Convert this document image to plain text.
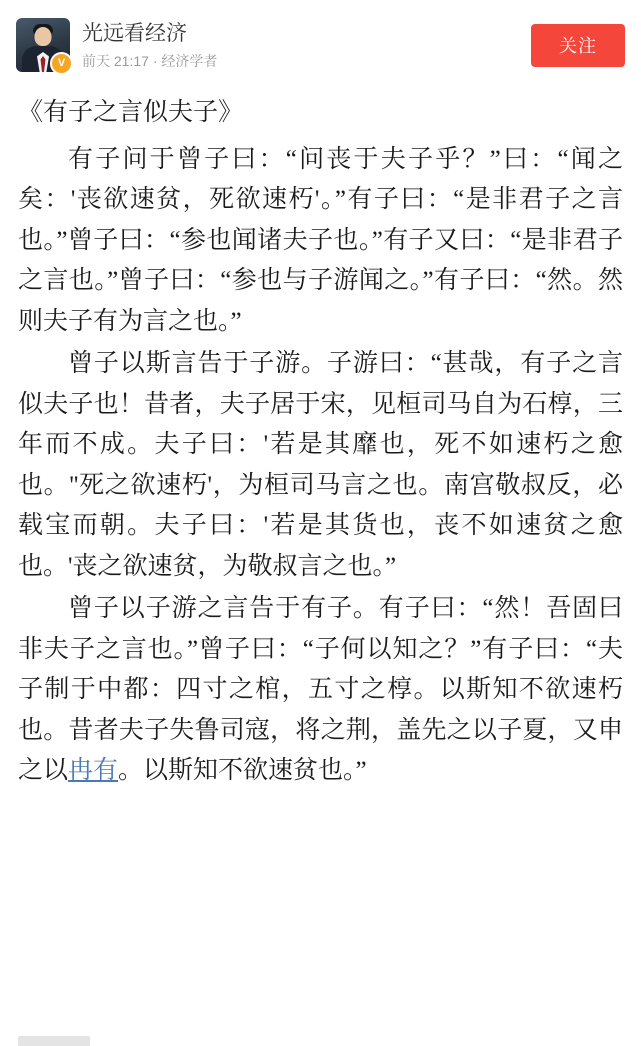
V
光远看经济
前天 21:17 · 经济学者
关注
《有子之言似夫子》

有子问于曾子曰：“问丧于夫子乎？”曰：“闻之矣：'丧欲速贫，死欲速朽'。”有子曰：“是非君子之言也。”曾子曰：“参也闻诸夫子也。”有子又曰：“是非君子之言也。”曾子曰：“参也与子游闻之。”有子曰：“然。然则夫子有为言之也。”

曾子以斯言告于子游。子游曰：“甚哉，有子之言似夫子也！昔者，夫子居于宋，见桓司马自为石椁，三年而不成。夫子曰：'若是其靡也，死不如速朽之愈也。''死之欲速朽'，为桓司马言之也。南宫敬叔反，必载宝而朝。夫子曰：'若是其货也，丧不如速贫之愈也。'丧之欲速贫，为敬叔言之也。”

曾子以子游之言告于有子。有子曰：“然！吾固曰非夫子之言也。”曾子曰：“子何以知之？”有子曰：“夫子制于中都：四寸之棺，五寸之椁。以斯知不欲速朽也。昔者夫子失鲁司寇，将之荆，盖先之以子夏，又申之以冉有。以斯知不欲速贫也。”
